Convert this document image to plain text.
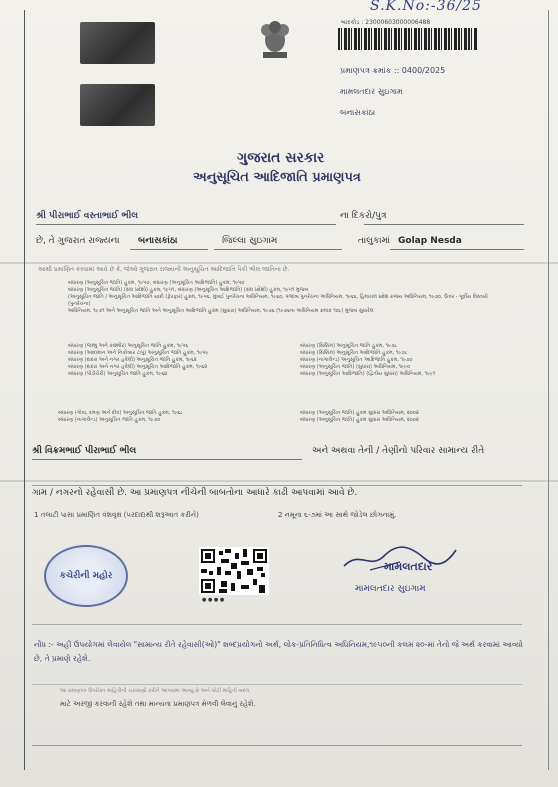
S.K.No:-36/25
બારકોડ : 23000603000006488
પ્રમાણપત્ર ક્રમાંક :: 0400/2025
મામલતદાર સુઇગામ
બનાસકાંઠા
ગુજરાત સરકાર
અનુસૂચિત આદિજાતિ પ્રમાણપત્ર
શ્રી પીરાભાઈ વસ્તાભાઈ ભીલ	ના દિકરો/પુત્ર
છે, તે ગુજરાત રાજ્યના બનાસકાંઠા	જિલ્લા સુઇગામ	તાલુકામાં Golap Nesda
આથી પ્રમાણિત કરવામાં આવે છે કે, જેઓ ગુજરાત રાજ્યની અનુસૂચિત આદિજાતિ પૈકી ભીલ જાતિના છે.
બંધારણ (અનુસૂચિત જાતિ) હુકમ, ૧૯૫૦, બંધારણ (અનુસૂચિત આદિજાતિ) હુકમ, ૧૯૫૦
બંધારણ (અનુસૂચિત જાતિ) (સંઘ પ્રદેશો) હુકમ, ૧૯૫૧, બંધારણ (અનુસૂચિત આદિજાતિ) (સંઘ પ્રદેશો) હુકમ, ૧૯૫૧ મુજબ
(અનુસૂચિત જાતિ / અનુસૂચિત આદિજાતિ યાદી (ફેરફાર) હુકમ, ૧૯૫૬, મુંબઈ પુનર્રચના અધિનિયમ, ૧૯૬૦, પંજાબ પુનર્રચના અધિનિયમ, ૧૯૬૬, હિમાચલ પ્રદેશ રાજ્ય અધિનિયમ, ૧૯૭૦, ઉત્તર - પૂર્વીય વિસ્તારો (પુનર્રચના)
અધિનિયમ, ૧૯૭૧ અને અનુસૂચિત જાતિ અને અનુસૂચિત આદિજાતિ હુકમ (સુધારા) અધિનિયમ, ૧૯૭૬ (૧૯૭૬ના અધિનિયમ ક્રમાંક ૧૦૮) મુજબ સુધારેલ
બંધારણ (જમ્મુ અને કાશ્મીર) અનુસૂચિત જાતિ હુકમ, ૧૯૫૬
બંધારણ (આંદામાન અને નિકોબાર ટાપુ) અનુસૂચિત જાતિ હુકમ, ૧૯૫૯
બંધારણ (દાદરા અને નગર હવેલી) અનુસૂચિત જાતિ હુકમ, ૧૯૬૨
બંધારણ (દાદરા અને નગર હવેલી) અનુસૂચિત આદિજાતિ હુકમ, ૧૯૬૨
બંધારણ (પોંડીચેરી) અનુસૂચિત જાતિ હુકમ, ૧૯૬૪
બંધારણ (સિક્કિમ) અનુસૂચિત જાતિ હુકમ, ૧૯૭૮
બંધારણ (સિક્કિમ) અનુસૂચિત આદિજાતિ હુકમ, ૧૯૭૮
બંધારણ (નાગાલેન્ડ) અનુસૂચિત આદિજાતિ હુકમ, ૧૯૭૦
બંધારણ (અનુસૂચિત જાતિ) (સુધારા) અધિનિયમ, ૧૯૯૦
બંધારણ (અનુસૂચિત આદિજાતિ) (દ્વિતીય સુધારા) અધિનિયમ, ૧૯૯૧
બંધારણ (ગોવા, દમણ અને દીવ) અનુસૂચિત જાતિ હુકમ, ૧૯૬૮
બંધારણ (નાગાલેન્ડ) અનુસૂચિત જાતિ હુકમ, ૧૯૭૦
બંધારણ (અનુસૂચિત જાતિ) હુકમ સુધારા અધિનિયમ, ૨૦૦૨
બંધારણ (અનુસૂચિત જાતિ) હુકમ સુધારા અધિનિયમ, ૨૦૦૨
શ્રી વિક્રમભાઈ પીરાભાઈ ભીલ	અને અથવા તેની / તેણીનો પરિવાર સામાન્ય રીતે
ગામ / નગરનો રહેવાસી છે. આ પ્રમાણપત્ર નીચેની બાબતોના આધારે કાઢી આપવામાં આવે છે.
1 તલાટી પાસા પ્રમાણિત વંશવૃક્ષ (પરદાદાથી શરૂઆત કરીને)	2 નમૂના ૬-૭માં આ સાથે જોડેલ છોગનામું.
કચેરીની મહોર
● ● ● ●
મામલતદાર
મામલતદાર સુઇગામ
નોંધ :- અહીં ઉપયોગમાં લેવાયેલ "સામાન્ય રીતે રહેવાસી(ઓ)" શબ્દપ્રયોગનો અર્થ, લોક-પ્રતિનિધિત્વ અધિનિયમ,૧૯૫૦ની કલમ ૨૦-માં તેનો જે અર્થ કરવામાં આવ્યો છે, તે પ્રમાણે રહેશે.
આ પ્રમાણપત્ર ઉપરોક્ત માહિતીની ચકાસણી કરીને આપવામાં આવ્યું છે અને ખોટી માહિતી બદલ
માટે અરજી કરવાની રહેશે તથા માન્યતા પ્રમાણપત્ર મેળવી લેવાનું રહેશે.
